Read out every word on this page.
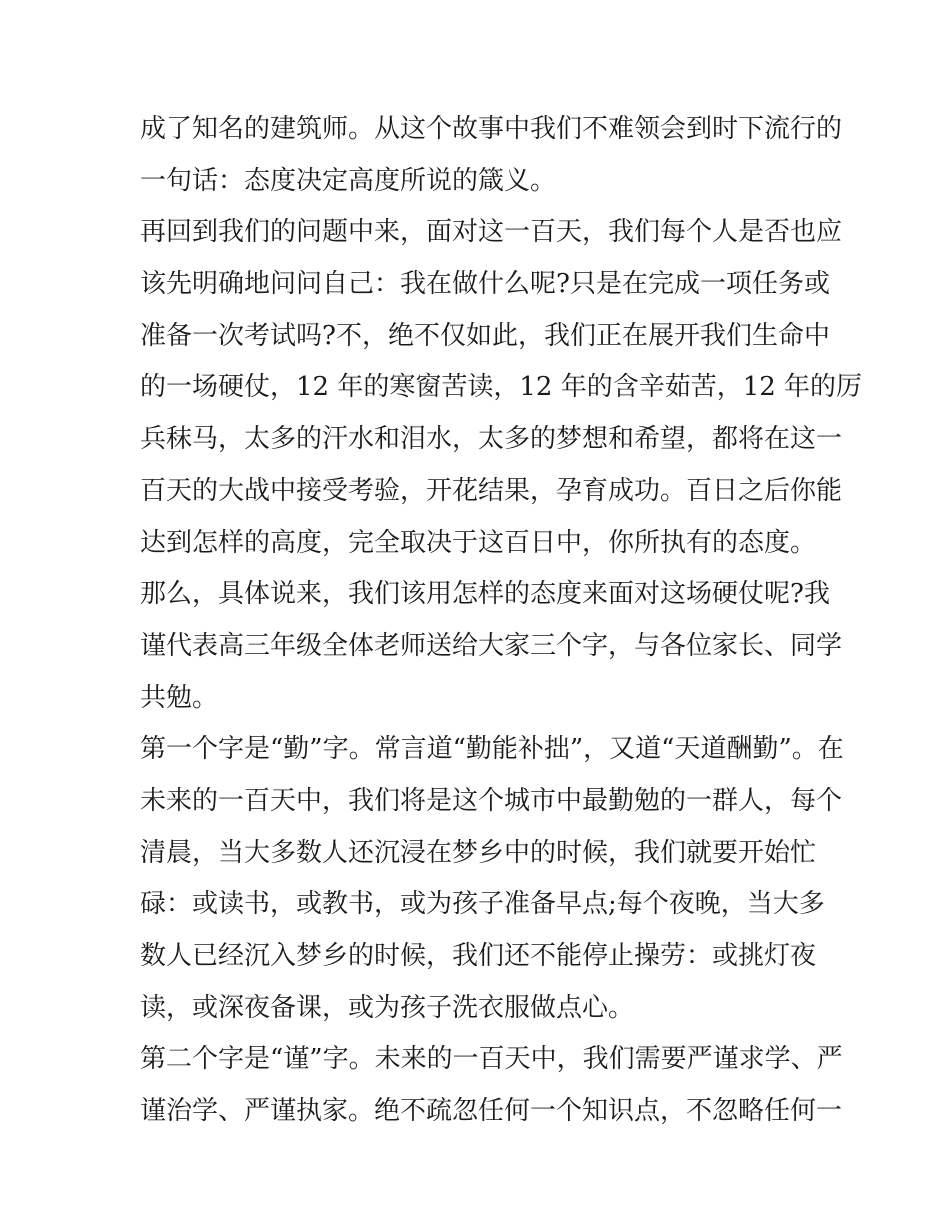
成了知名的建筑师。从这个故事中我们不难领会到时下流行的
一句话：态度决定高度所说的箴义。
再回到我们的问题中来，面对这一百天，我们每个人是否也应
该先明确地问问自己：我在做什么呢?只是在完成一项任务或
准备一次考试吗?不，绝不仅如此，我们正在展开我们生命中
的一场硬仗，12 年的寒窗苦读，12 年的含辛茹苦，12 年的厉
兵秣马，太多的汗水和泪水，太多的梦想和希望，都将在这一
百天的大战中接受考验，开花结果，孕育成功。百日之后你能
达到怎样的高度，完全取决于这百日中，你所执有的态度。
那么，具体说来，我们该用怎样的态度来面对这场硬仗呢?我
谨代表高三年级全体老师送给大家三个字，与各位家长、同学
共勉。
第一个字是“勤”字。常言道“勤能补拙”，又道“天道酬勤”。在
未来的一百天中，我们将是这个城市中最勤勉的一群人，每个
清晨，当大多数人还沉浸在梦乡中的时候，我们就要开始忙
碌：或读书，或教书，或为孩子准备早点;每个夜晚，当大多
数人已经沉入梦乡的时候，我们还不能停止操劳：或挑灯夜
读，或深夜备课，或为孩子洗衣服做点心。
第二个字是“谨”字。未来的一百天中，我们需要严谨求学、严
谨治学、严谨执家。绝不疏忽任何一个知识点，不忽略任何一
